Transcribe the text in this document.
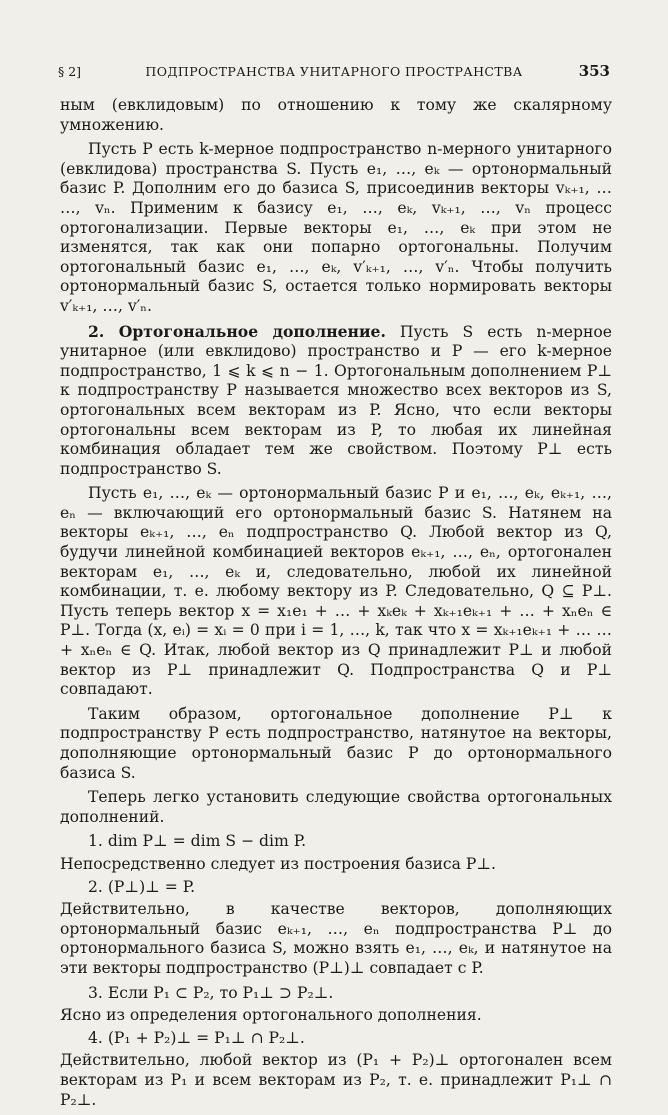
§ 2]	ПОДПРОСТРАНСТВА УНИТАРНОГО ПРОСТРАНСТВА	353

ным (евклидовым) по отношению к тому же скалярному умножению.

Пусть P есть k-мерное подпространство n-мерного унитарного (евклидова) пространства S. Пусть e₁, …, eₖ — ортонормальный базис P. Дополним его до базиса S, присоединив векторы vₖ₊₁, … …, vₙ. Применим к базису e₁, …, eₖ, vₖ₊₁, …, vₙ процесс ортогонализации. Первые векторы e₁, …, eₖ при этом не изменятся, так как они попарно ортогональны. Получим ортогональный базис e₁, …, eₖ, v′ₖ₊₁, …, v′ₙ. Чтобы получить ортонормальный базис S, остается только нормировать векторы v′ₖ₊₁, …, v′ₙ.

2. Ортогональное дополнение. Пусть S есть n-мерное унитарное (или евклидово) пространство и P — его k-мерное подпространство, 1 ⩽ k ⩽ n − 1. Ортогональным дополнением P⊥ к подпространству P называется множество всех векторов из S, ортогональных всем векторам из P. Ясно, что если векторы ортогональны всем векторам из P, то любая их линейная комбинация обладает тем же свойством. Поэтому P⊥ есть подпространство S.

Пусть e₁, …, eₖ — ортонормальный базис P и e₁, …, eₖ, eₖ₊₁, …, eₙ — включающий его ортонормальный базис S. Натянем на векторы eₖ₊₁, …, eₙ подпространство Q. Любой вектор из Q, будучи линейной комбинацией векторов eₖ₊₁, …, eₙ, ортогонален векторам e₁, …, eₖ и, следовательно, любой их линейной комбинации, т. е. любому вектору из P. Следовательно, Q ⊆ P⊥. Пусть теперь вектор x = x₁e₁ + … + xₖeₖ + xₖ₊₁eₖ₊₁ + … + xₙeₙ ∈ P⊥. Тогда (x, eᵢ) = xᵢ = 0 при i = 1, …, k, так что x = xₖ₊₁eₖ₊₁ + … … + xₙeₙ ∈ Q. Итак, любой вектор из Q принадлежит P⊥ и любой вектор из P⊥ принадлежит Q. Подпространства Q и P⊥ совпадают.

Таким образом, ортогональное дополнение P⊥ к подпространству P есть подпространство, натянутое на векторы, дополняющие ортонормальный базис P до ортонормального базиса S.

Теперь легко установить следующие свойства ортогональных дополнений.

1. dim P⊥ = dim S − dim P.

Непосредственно следует из построения базиса P⊥.

2. (P⊥)⊥ = P.

Действительно, в качестве векторов, дополняющих ортонормальный базис eₖ₊₁, …, eₙ подпространства P⊥ до ортонормального базиса S, можно взять e₁, …, eₖ, и натянутое на эти векторы подпространство (P⊥)⊥ совпадает с P.

3. Если P₁ ⊂ P₂, то P₁⊥ ⊃ P₂⊥.

Ясно из определения ортогонального дополнения.

4. (P₁ + P₂)⊥ = P₁⊥ ∩ P₂⊥.

Действительно, любой вектор из (P₁ + P₂)⊥ ортогонален всем векторам из P₁ и всем векторам из P₂, т. е. принадлежит P₁⊥ ∩ P₂⊥.
